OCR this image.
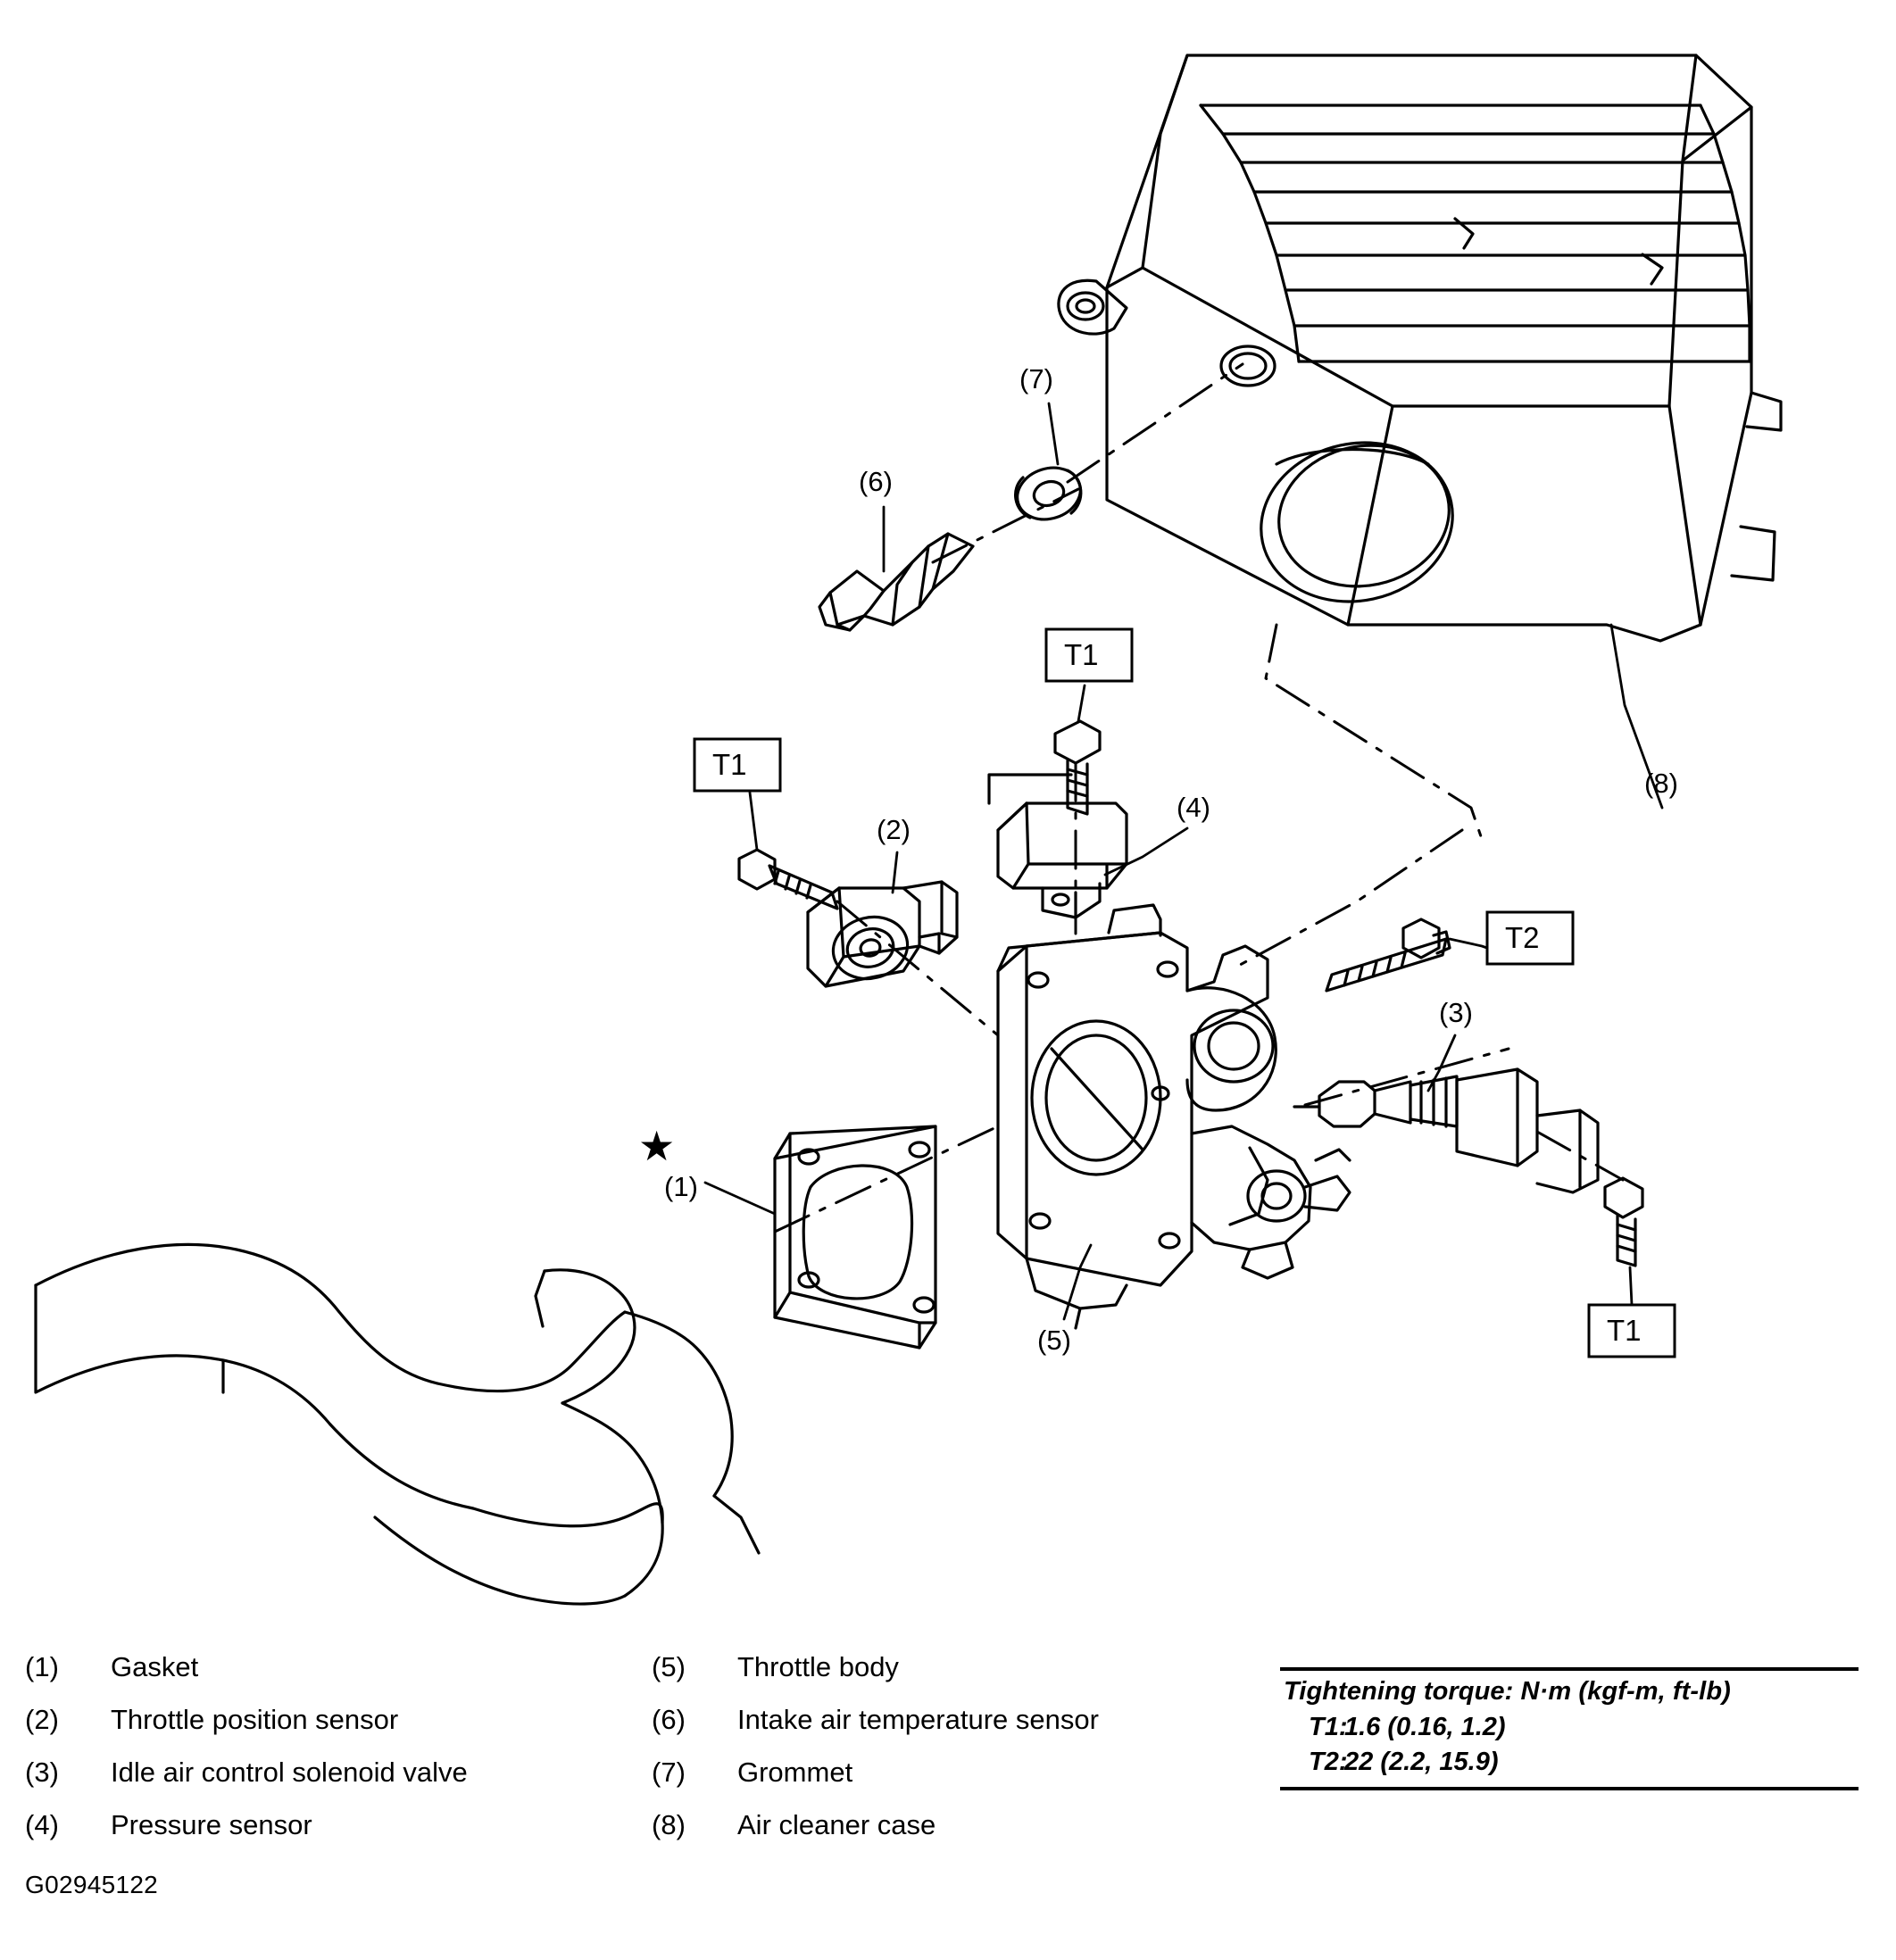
★
(1)
(2)
(3)
(4)
(5)
(6)
(7)
(8)
T1
T1
T2
T1
(1)	Gasket
(2)	Throttle position sensor
(3)	Idle air control solenoid valve
(4)	Pressure sensor
(5)	Throttle body
(6)	Intake air temperature sensor
(7)	Grommet
(8)	Air cleaner case
Tightening torque: N·m (kgf-m, ft-lb)
T1:
1.6 (0.16, 1.2)
T2:
22 (2.2, 15.9)
G02945122
